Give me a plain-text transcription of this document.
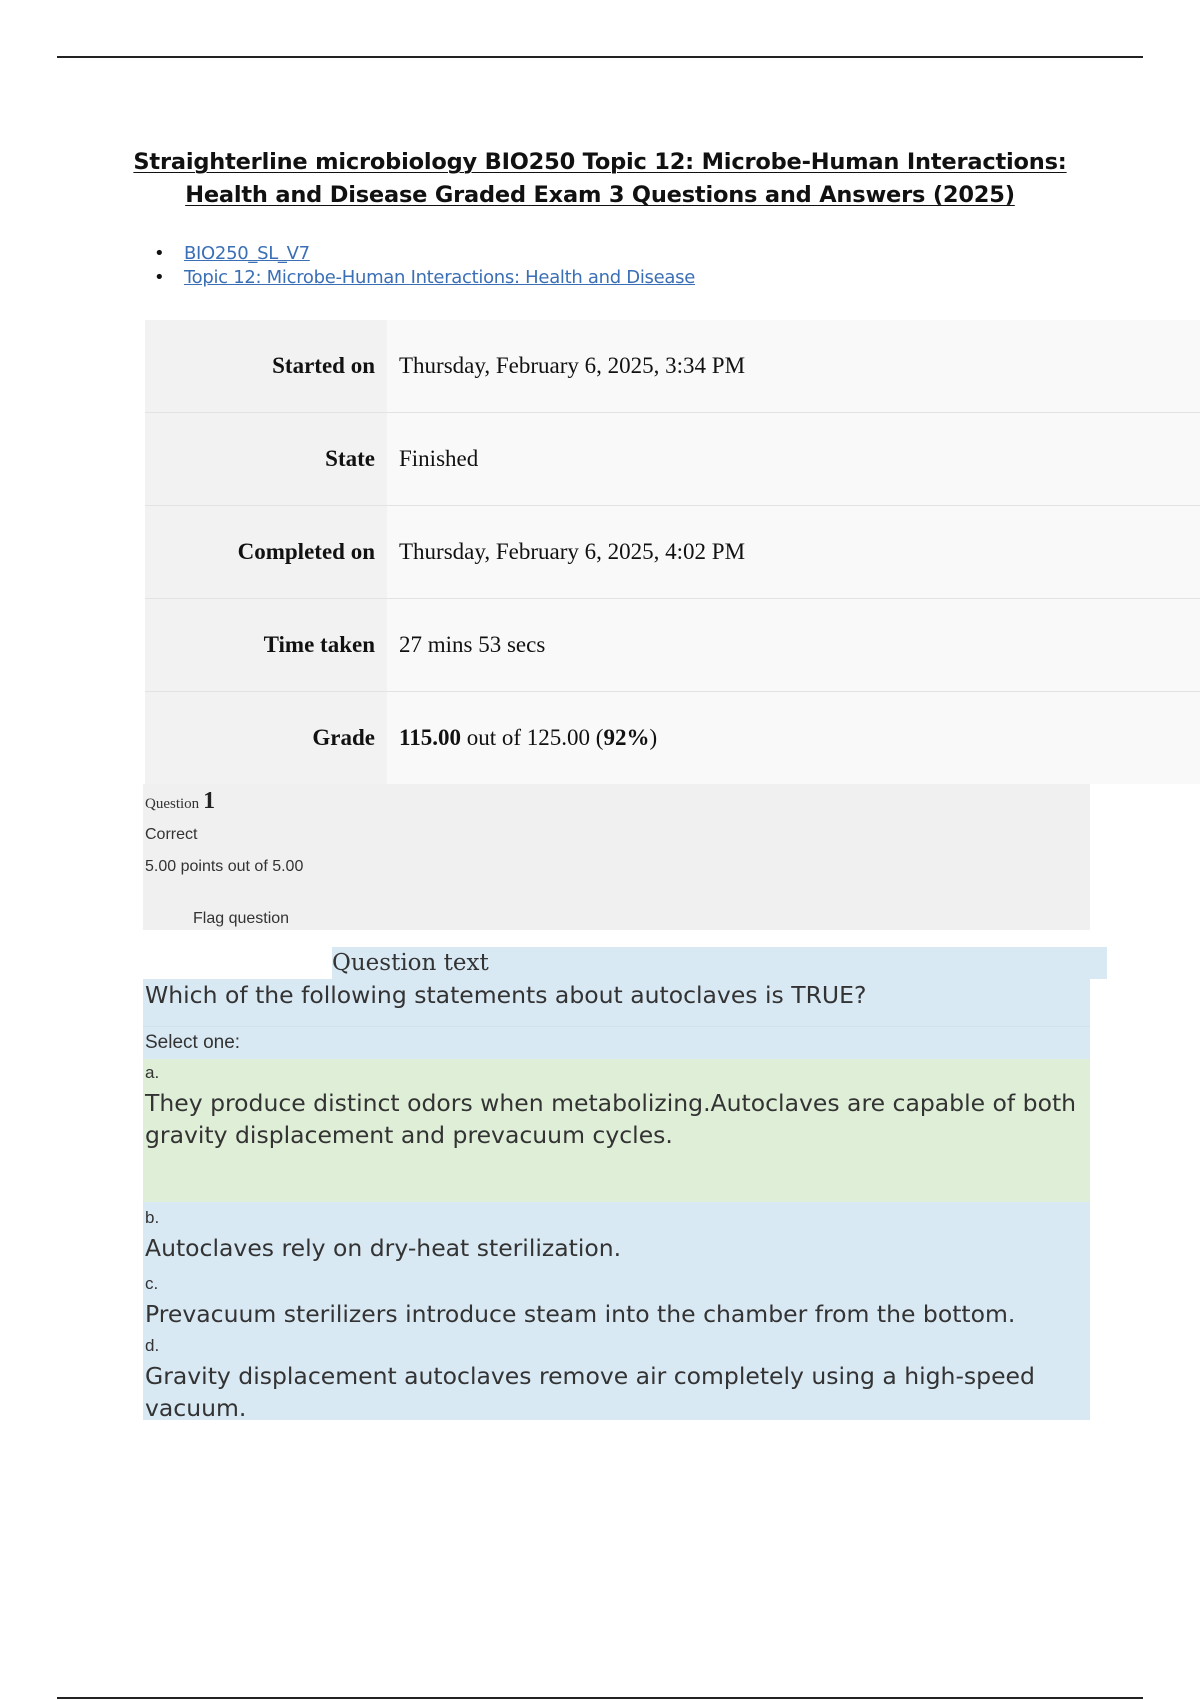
Straighterline microbiology BIO250 Topic 12: Microbe-Human Interactions:
Health and Disease Graded Exam 3 Questions and Answers (2025)
• BIO250_SL_V7
• Topic 12: Microbe-Human Interactions: Health and Disease
Started on	Thursday, February 6, 2025, 3:34 PM
State	Finished
Completed on	Thursday, February 6, 2025, 4:02 PM
Time taken	27 mins 53 secs
Grade	115.00 out of 125.00 ( 92% )
Question 1
Correct
5.00 points out of 5.00
Flag question
Question text
Which of the following statements about autoclaves is TRUE?
Select one:
a.
They produce distinct odors when metabolizing.Autoclaves are capable of both gravity displacement and prevacuum cycles.
b.
Autoclaves rely on dry-heat sterilization.
c.
Prevacuum sterilizers introduce steam into the chamber from the bottom.
d.
Gravity displacement autoclaves remove air completely using a high-speed vacuum.
